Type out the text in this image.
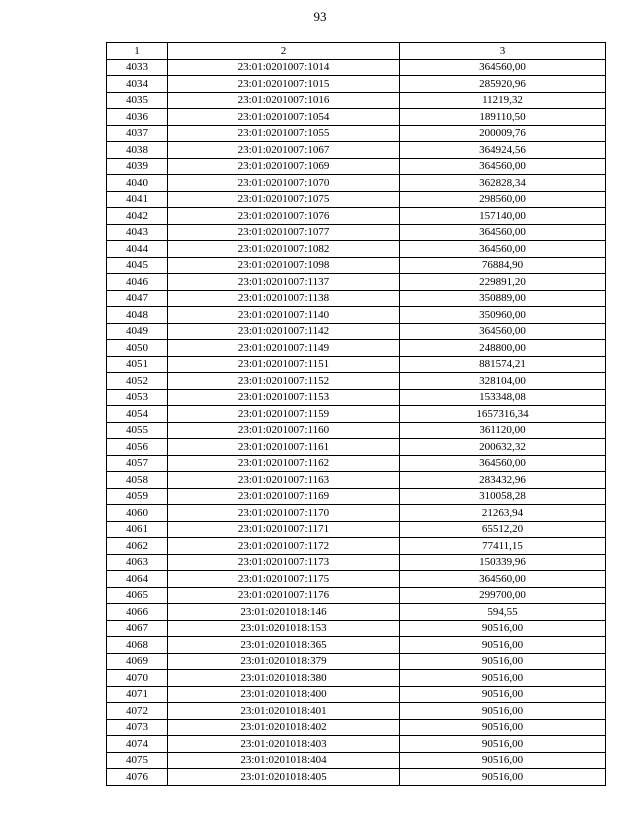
93
1	2	3
4033	23:01:0201007:1014	364560,00
4034	23:01:0201007:1015	285920,96
4035	23:01:0201007:1016	11219,32
4036	23:01:0201007:1054	189110,50
4037	23:01:0201007:1055	200009,76
4038	23:01:0201007:1067	364924,56
4039	23:01:0201007:1069	364560,00
4040	23:01:0201007:1070	362828,34
4041	23:01:0201007:1075	298560,00
4042	23:01:0201007:1076	157140,00
4043	23:01:0201007:1077	364560,00
4044	23:01:0201007:1082	364560,00
4045	23:01:0201007:1098	76884,90
4046	23:01:0201007:1137	229891,20
4047	23:01:0201007:1138	350889,00
4048	23:01:0201007:1140	350960,00
4049	23:01:0201007:1142	364560,00
4050	23:01:0201007:1149	248800,00
4051	23:01:0201007:1151	881574,21
4052	23:01:0201007:1152	328104,00
4053	23:01:0201007:1153	153348,08
4054	23:01:0201007:1159	1657316,34
4055	23:01:0201007:1160	361120,00
4056	23:01:0201007:1161	200632,32
4057	23:01:0201007:1162	364560,00
4058	23:01:0201007:1163	283432,96
4059	23:01:0201007:1169	310058,28
4060	23:01:0201007:1170	21263,94
4061	23:01:0201007:1171	65512,20
4062	23:01:0201007:1172	77411,15
4063	23:01:0201007:1173	150339,96
4064	23:01:0201007:1175	364560,00
4065	23:01:0201007:1176	299700,00
4066	23:01:0201018:146	594,55
4067	23:01:0201018:153	90516,00
4068	23:01:0201018:365	90516,00
4069	23:01:0201018:379	90516,00
4070	23:01:0201018:380	90516,00
4071	23:01:0201018:400	90516,00
4072	23:01:0201018:401	90516,00
4073	23:01:0201018:402	90516,00
4074	23:01:0201018:403	90516,00
4075	23:01:0201018:404	90516,00
4076	23:01:0201018:405	90516,00
